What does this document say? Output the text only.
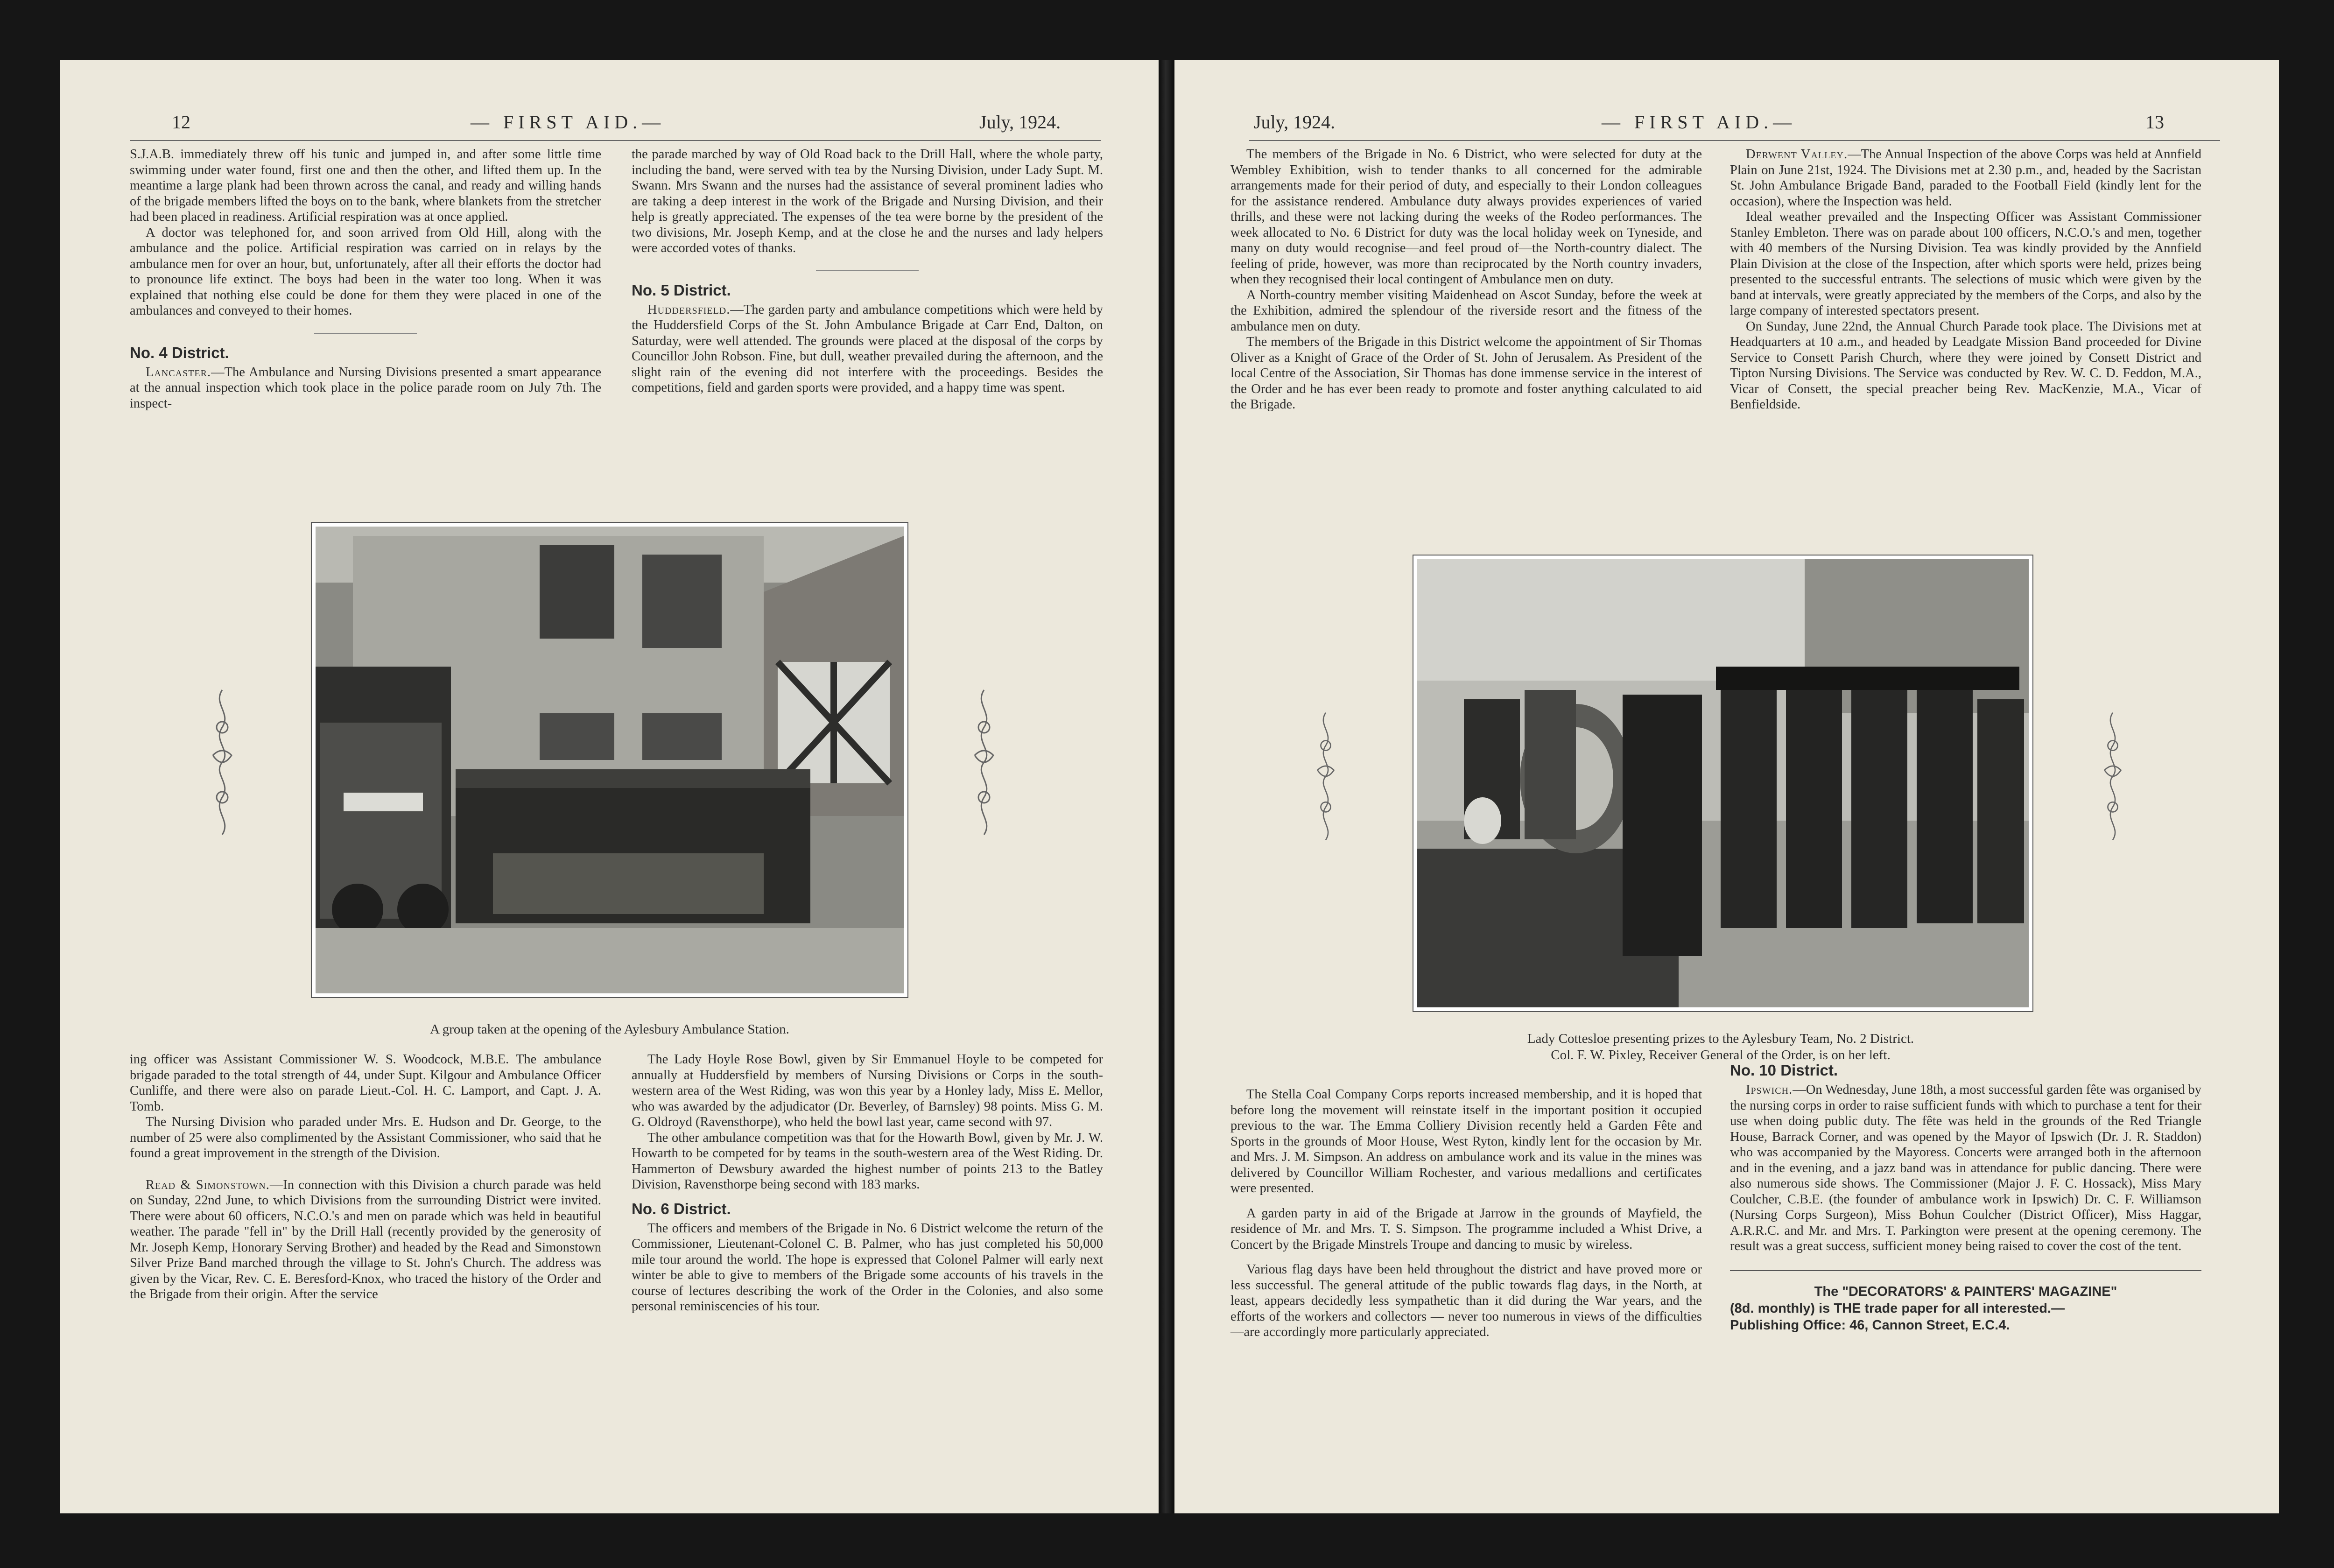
12	— FIRST AID.—	July, 1924.

S.J.A.B. immediately threw off his tunic and jumped in, and after some little time swimming under water found, first one and then the other, and lifted them up. In the meantime a large plank had been thrown across the canal, and ready and willing hands of the brigade members lifted the boys on to the bank, where blankets from the stretcher had been placed in readiness. Artificial respiration was at once applied.

A doctor was telephoned for, and soon arrived from Old Hill, along with the ambulance and the police. Artificial respiration was carried on in relays by the ambulance men for over an hour, but, unfortunately, after all their efforts the doctor had to pronounce life extinct. The boys had been in the water too long. When it was explained that nothing else could be done for them they were placed in one of the ambulances and conveyed to their homes.

No. 4 District.

Lancaster.—The Ambulance and Nursing Divisions presented a smart appearance at the annual inspection which took place in the police parade room on July 7th. The inspect-

the parade marched by way of Old Road back to the Drill Hall, where the whole party, including the band, were served with tea by the Nursing Division, under Lady Supt. M. Swann. Mrs Swann and the nurses had the assistance of several prominent ladies who are taking a deep interest in the work of the Brigade and Nursing Division, and their help is greatly appreciated. The expenses of the tea were borne by the president of the two divisions, Mr. Joseph Kemp, and at the close he and the nurses and lady helpers were accorded votes of thanks.

No. 5 District.

Huddersfield.—The garden party and ambulance competitions which were held by the Huddersfield Corps of the St. John Ambulance Brigade at Carr End, Dalton, on Saturday, were well attended. The grounds were placed at the disposal of the corps by Councillor John Robson. Fine, but dull, weather prevailed during the afternoon, and the slight rain of the evening did not interfere with the proceedings. Besides the competitions, field and garden sports were provided, and a happy time was spent.

A group taken at the opening of the Aylesbury Ambulance Station.

ing officer was Assistant Commissioner W. S. Woodcock, M.B.E. The ambulance brigade paraded to the total strength of 44, under Supt. Kilgour and Ambulance Officer Cunliffe, and there were also on parade Lieut.-Col. H. C. Lamport, and Capt. J. A. Tomb.

The Nursing Division who paraded under Mrs. E. Hudson and Dr. George, to the number of 25 were also complimented by the Assistant Commissioner, who said that he found a great improvement in the strength of the Division.

Read & Simonstown.—In connection with this Division a church parade was held on Sunday, 22nd June, to which Divisions from the surrounding District were invited. There were about 60 officers, N.C.O.'s and men on parade which was held in beautiful weather. The parade "fell in" by the Drill Hall (recently provided by the generosity of Mr. Joseph Kemp, Honorary Serving Brother) and headed by the Read and Simonstown Silver Prize Band marched through the village to St. John's Church. The address was given by the Vicar, Rev. C. E. Beresford-Knox, who traced the history of the Order and the Brigade from their origin. After the service

The Lady Hoyle Rose Bowl, given by Sir Emmanuel Hoyle to be competed for annually at Huddersfield by members of Nursing Divisions or Corps in the south-western area of the West Riding, was won this year by a Honley lady, Miss E. Mellor, who was awarded by the adjudicator (Dr. Beverley, of Barnsley) 98 points. Miss G. M. G. Oldroyd (Ravensthorpe), who held the bowl last year, came second with 97.

The other ambulance competition was that for the Howarth Bowl, given by Mr. J. W. Howarth to be competed for by teams in the south-western area of the West Riding. Dr. Hammerton of Dewsbury awarded the highest number of points 213 to the Batley Division, Ravensthorpe being second with 183 marks.

No. 6 District.

The officers and members of the Brigade in No. 6 District welcome the return of the Commissioner, Lieutenant-Colonel C. B. Palmer, who has just completed his 50,000 mile tour around the world. The hope is expressed that Colonel Palmer will early next winter be able to give to members of the Brigade some accounts of his travels in the course of lectures describing the work of the Order in the Colonies, and also some personal reminiscencies of his tour.

July, 1924.	— FIRST AID.—	13

The members of the Brigade in No. 6 District, who were selected for duty at the Wembley Exhibition, wish to tender thanks to all concerned for the admirable arrangements made for their period of duty, and especially to their London colleagues for the assistance rendered. Ambulance duty always provides experiences of varied thrills, and these were not lacking during the weeks of the Rodeo performances. The week allocated to No. 6 District for duty was the local holiday week on Tyneside, and many on duty would recognise—and feel proud of—the North-country dialect. The feeling of pride, however, was more than reciprocated by the North country invaders, when they recognised their local contingent of Ambulance men on duty.

A North-country member visiting Maidenhead on Ascot Sunday, before the week at the Exhibition, admired the splendour of the riverside resort and the fitness of the ambulance men on duty.

The members of the Brigade in this District welcome the appointment of Sir Thomas Oliver as a Knight of Grace of the Order of St. John of Jerusalem. As President of the local Centre of the Association, Sir Thomas has done immense service in the interest of the Order and he has ever been ready to promote and foster anything calculated to aid the Brigade.

Derwent Valley.—The Annual Inspection of the above Corps was held at Annfield Plain on June 21st, 1924. The Divisions met at 2.30 p.m., and, headed by the Sacristan St. John Ambulance Brigade Band, paraded to the Football Field (kindly lent for the occasion), where the Inspection was held.

Ideal weather prevailed and the Inspecting Officer was Assistant Commissioner Stanley Embleton. There was on parade about 100 officers, N.C.O.'s and men, together with 40 members of the Nursing Division. Tea was kindly provided by the Annfield Plain Division at the close of the Inspection, after which sports were held, prizes being presented to the successful entrants. The selections of music which were given by the band at intervals, were greatly appreciated by the members of the Corps, and also by the large company of interested spectators present.

On Sunday, June 22nd, the Annual Church Parade took place. The Divisions met at Headquarters at 10 a.m., and headed by Leadgate Mission Band proceeded for Divine Service to Consett Parish Church, where they were joined by Consett District and Tipton Nursing Divisions. The Service was conducted by Rev. W. C. D. Feddon, M.A., Vicar of Consett, the special preacher being Rev. MacKenzie, M.A., Vicar of Benfieldside.

Lady Cottesloe presenting prizes to the Aylesbury Team, No. 2 District.
Col. F. W. Pixley, Receiver General of the Order, is on her left.

The Stella Coal Company Corps reports increased membership, and it is hoped that before long the movement will reinstate itself in the important position it occupied previous to the war. The Emma Colliery Division recently held a Garden Fête and Sports in the grounds of Moor House, West Ryton, kindly lent for the occasion by Mr. and Mrs. J. M. Simpson. An address on ambulance work and its value in the mines was delivered by Councillor William Rochester, and various medallions and certificates were presented.

A garden party in aid of the Brigade at Jarrow in the grounds of Mayfield, the residence of Mr. and Mrs. T. S. Simpson. The programme included a Whist Drive, a Concert by the Brigade Minstrels Troupe and dancing to music by wireless.

Various flag days have been held throughout the district and have proved more or less successful. The general attitude of the public towards flag days, in the North, at least, appears decidedly less sympathetic than it did during the War years, and the efforts of the workers and collectors — never too numerous in views of the difficulties—are accordingly more particularly appreciated.

No. 10 District.

Ipswich.—On Wednesday, June 18th, a most successful garden fête was organised by the nursing corps in order to raise sufficient funds with which to purchase a tent for their use when doing public duty. The fête was held in the grounds of the Red Triangle House, Barrack Corner, and was opened by the Mayor of Ipswich (Dr. J. R. Staddon) who was accompanied by the Mayoress. Concerts were arranged both in the afternoon and in the evening, and a jazz band was in attendance for public dancing. There were also numerous side shows. The Commissioner (Major J. F. C. Hossack), Miss Mary Coulcher, C.B.E. (the founder of ambulance work in Ipswich) Dr. C. F. Williamson (Nursing Corps Surgeon), Miss Bohun Coulcher (District Officer), Miss Haggar, A.R.R.C. and Mr. and Mrs. T. Parkington were present at the opening ceremony. The result was a great success, sufficient money being raised to cover the cost of the tent.

The "DECORATORS' & PAINTERS' MAGAZINE"
(8d. monthly) is THE trade paper for all interested.—
Publishing Office: 46, Cannon Street, E.C.4.
